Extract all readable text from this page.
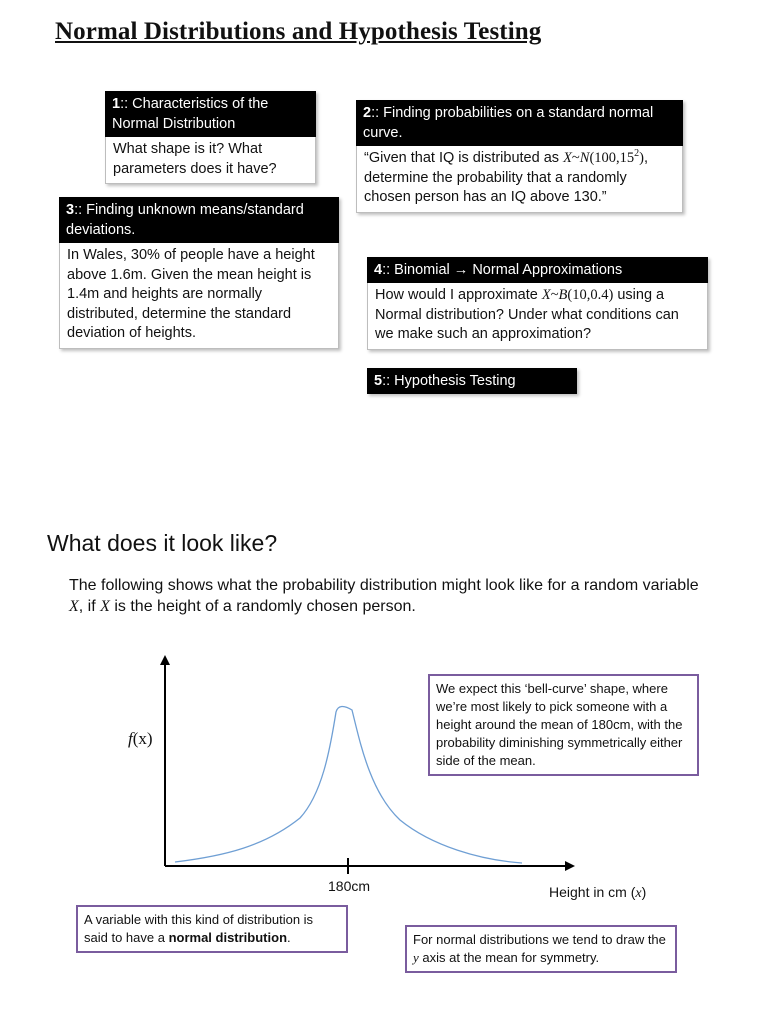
Normal Distributions and Hypothesis Testing
1:: Characteristics of the Normal Distribution
What shape is it? What parameters does it have?
2:: Finding probabilities on a standard normal curve.
“Given that IQ is distributed as X~N(100,15$^2$), determine the probability that a randomly chosen person has an IQ above 130.”
3:: Finding unknown means/standard deviations.
In Wales, 30% of people have a height above 1.6m. Given the mean height is 1.4m and heights are normally distributed, determine the standard deviation of heights.
4:: Binomial → Normal Approximations
How would I approximate X~B(10,0.4) using a Normal distribution? Under what conditions can we make such an approximation?
5:: Hypothesis Testing
What does it look like?
The following shows what the probability distribution might look like for a random variable X, if X is the height of a randomly chosen person.
f(x)
180cm	Height in cm (x)
We expect this ‘bell-curve’ shape, where we’re most likely to pick someone with a height around the mean of 180cm, with the probability diminishing symmetrically either side of the mean.
A variable with this kind of distribution is said to have a normal distribution.	For normal distributions we tend to draw the y axis at the mean for symmetry.
